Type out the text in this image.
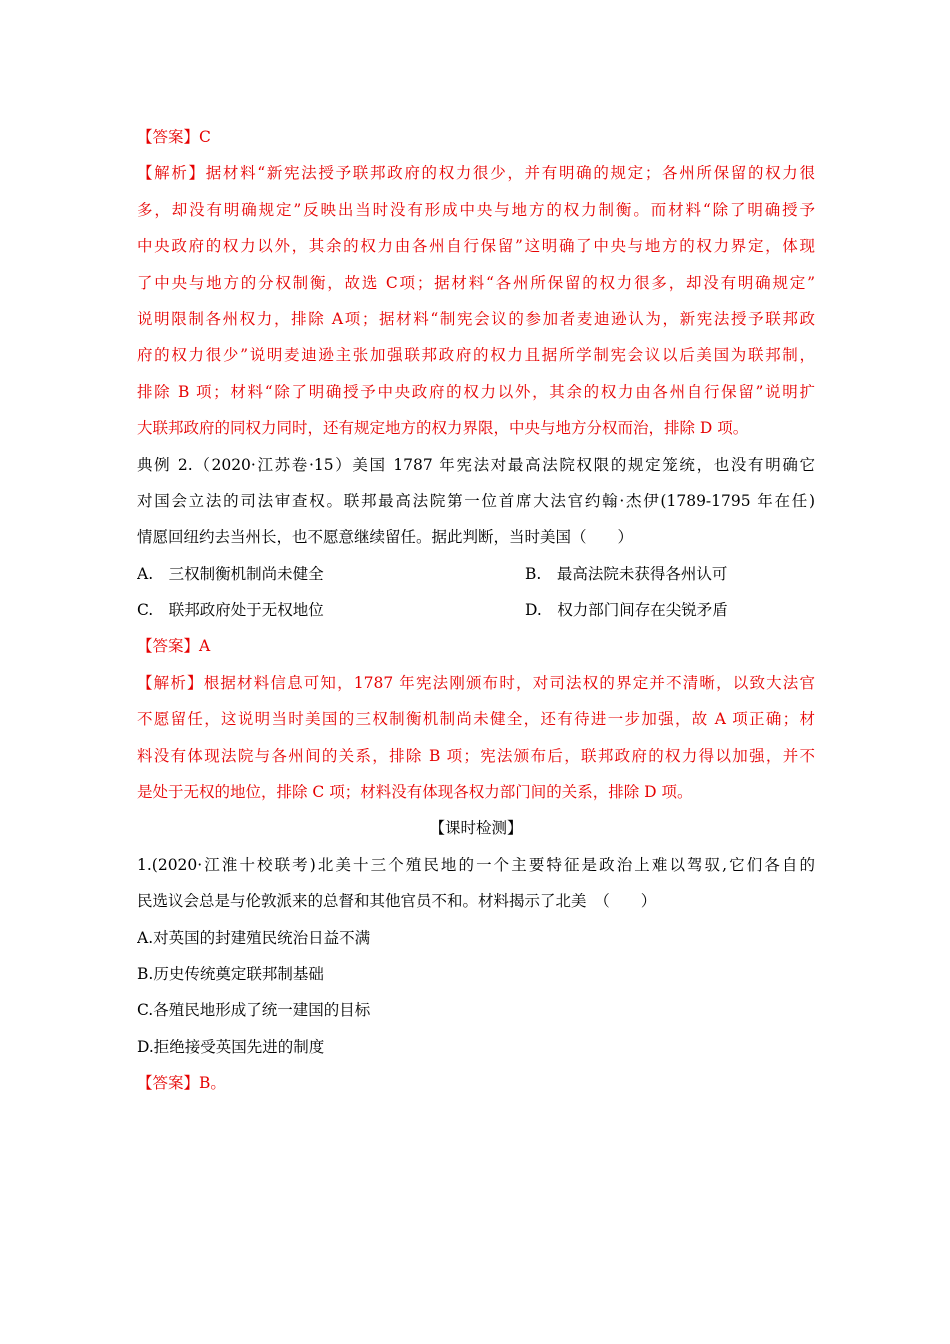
【答案】C
【解析】据材料“新宪法授予联邦政府的权力很少，并有明确的规定；各州所保留的权力很
多，却没有明确规定”反映出当时没有形成中央与地方的权力制衡。而材料“除了明确授予
中央政府的权力以外，其余的权力由各州自行保留”这明确了中央与地方的权力界定，体现
了中央与地方的分权制衡，故选 C项；据材料“各州所保留的权力很多，却没有明确规定”
说明限制各州权力，排除 A项；据材料“制宪会议的参加者麦迪逊认为，新宪法授予联邦政
府的权力很少”说明麦迪逊主张加强联邦政府的权力且据所学制宪会议以后美国为联邦制，
排除 B 项；材料“除了明确授予中央政府的权力以外，其余的权力由各州自行保留”说明扩
大联邦政府的同权力同时，还有规定地方的权力界限，中央与地方分权而治，排除 D 项。
典例 2.（2020·江苏卷·15）美国 1787 年宪法对最高法院权限的规定笼统，也没有明确它
对国会立法的司法审查权。联邦最高法院第一位首席大法官约翰·杰伊(1789-1795 年在任)
情愿回纽约去当州长，也不愿意继续留任。据此判断，当时美国（　　）
A.　三权制衡机制尚未健全	B.　最高法院未获得各州认可
C.　联邦政府处于无权地位	D.　权力部门间存在尖锐矛盾
【答案】A
【解析】根据材料信息可知，1787 年宪法刚颁布时，对司法权的界定并不清晰，以致大法官
不愿留任，这说明当时美国的三权制衡机制尚未健全，还有待进一步加强，故 A 项正确；材
料没有体现法院与各州间的关系，排除 B 项；宪法颁布后，联邦政府的权力得以加强，并不
是处于无权的地位，排除 C 项；材料没有体现各权力部门间的关系，排除 D 项。
【课时检测】
1.(2020·江淮十校联考)北美十三个殖民地的一个主要特征是政治上难以驾驭,它们各自的
民选议会总是与伦敦派来的总督和其他官员不和。材料揭示了北美　（　　）
A.对英国的封建殖民统治日益不满
B.历史传统奠定联邦制基础
C.各殖民地形成了统一建国的目标
D.拒绝接受英国先进的制度
【答案】B。
